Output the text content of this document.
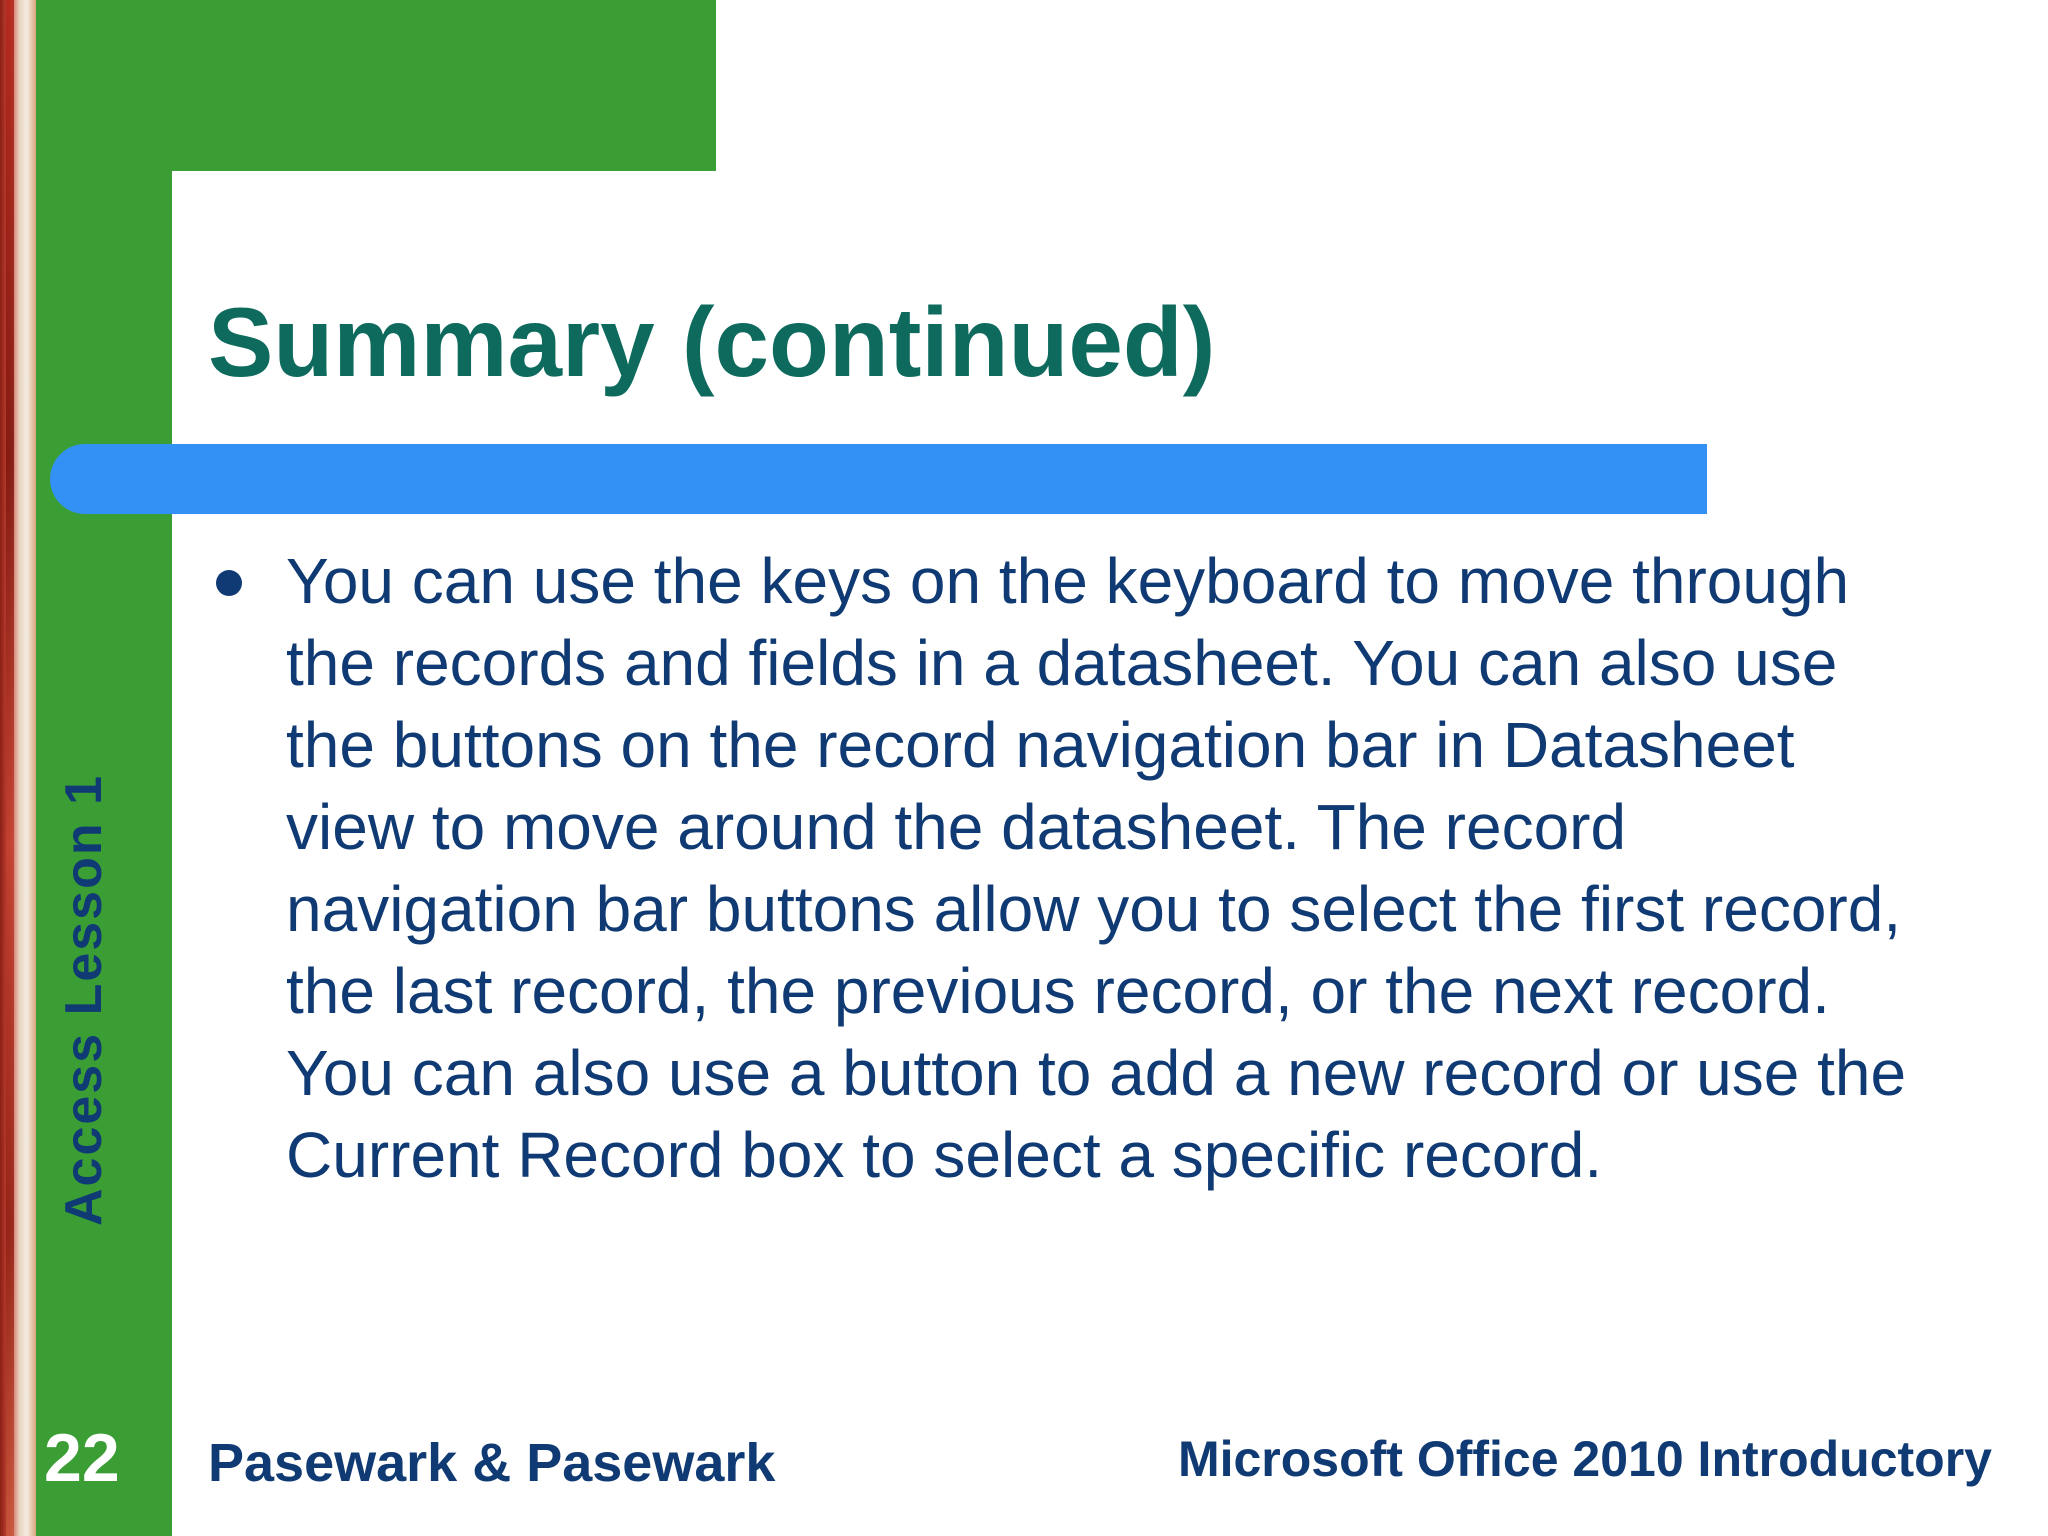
Access Lesson 1
Summary (continued)
You can use the keys on the keyboard to move through the records and fields in a datasheet. You can also use the buttons on the record navigation bar in Datasheet view to move around the datasheet. The record navigation bar buttons allow you to select the first record, the last record, the previous record, or the next record. You can also use a button to add a new record or use the Current Record box to select a specific record.
22	Pasewark & Pasewark	Microsoft Office 2010 Introductory
